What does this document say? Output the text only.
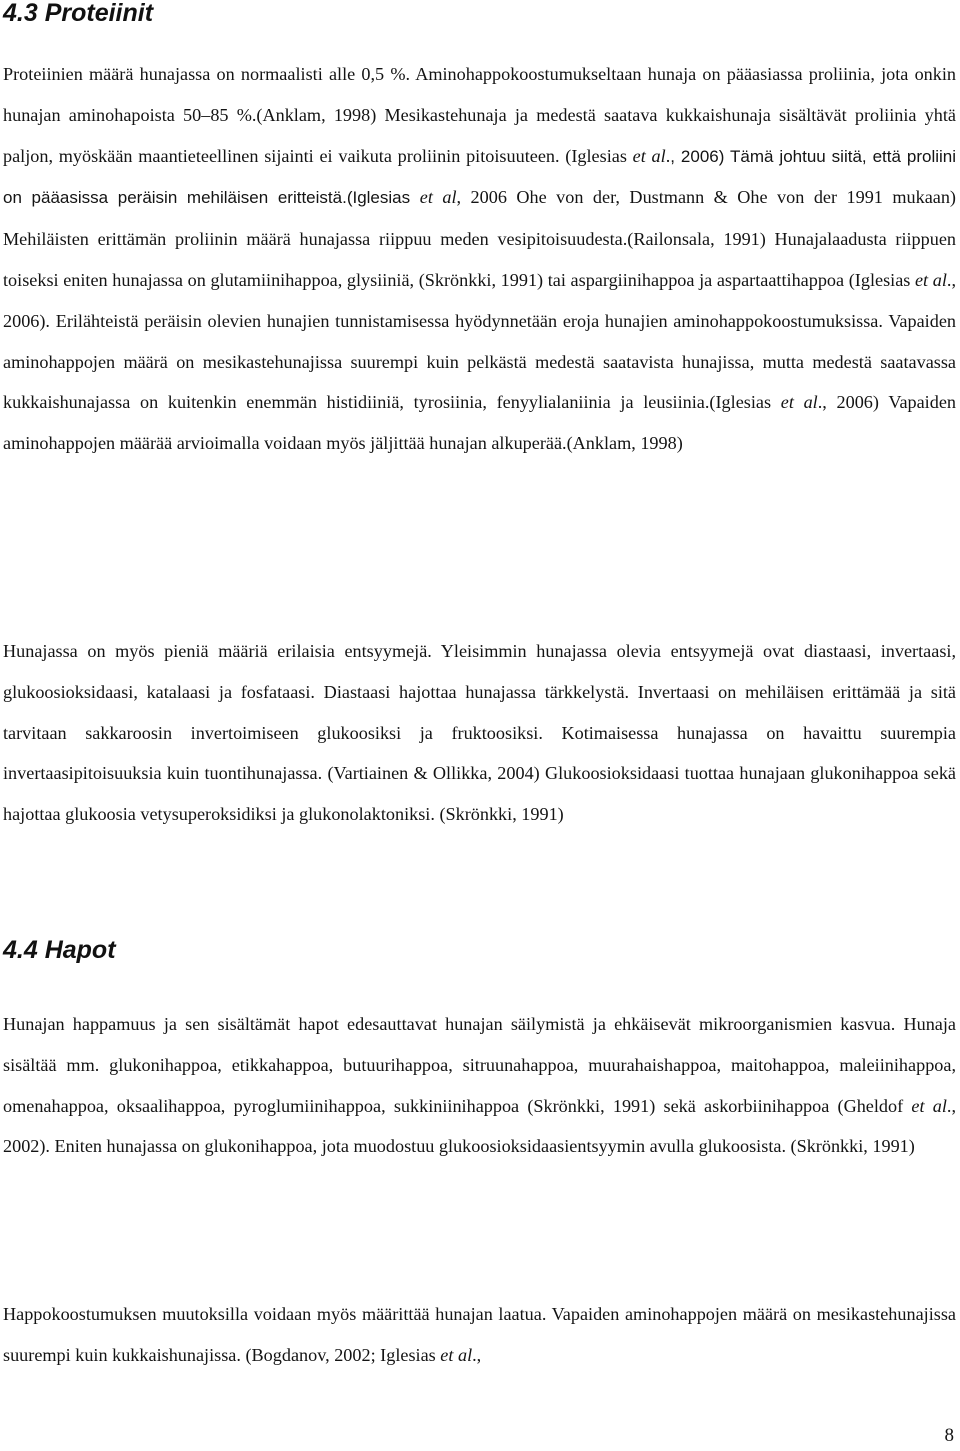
4.3 Proteiinit

Proteiinien määrä hunajassa on normaalisti alle 0,5 %. Aminohappokoostumukseltaan hunaja on pääasiassa proliinia, jota onkin hunajan aminohapoista 50–85 %.(Anklam, 1998) Mesikastehunaja ja medestä saatava kukkaishunaja sisältävät proliinia yhtä paljon, myöskään maantieteellinen sijainti ei vaikuta proliinin pitoisuuteen. (Iglesias et al., 2006) Tämä johtuu siitä, että proliini on pääasissa peräisin mehiläisen eritteistä.(Iglesias et al, 2006 Ohe von der, Dustmann & Ohe von der 1991 mukaan) Mehiläisten erittämän proliinin määrä hunajassa riippuu meden vesipitoisuudesta.(Railonsala, 1991) Hunajalaadusta riippuen toiseksi eniten hunajassa on glutamiinihappoa, glysiiniä, (Skrönkki, 1991) tai aspargiinihappoa ja aspartaattihappoa (Iglesias et al., 2006). Erilähteistä peräisin olevien hunajien tunnistamisessa hyödynnetään eroja hunajien aminohappokoostumuksissa. Vapaiden aminohappojen määrä on mesikastehunajissa suurempi kuin pelkästä medestä saatavista hunajissa, mutta medestä saatavassa kukkaishunajassa on kuitenkin enemmän histidiiniä, tyrosiinia, fenyylialaniinia ja leusiinia.(Iglesias et al., 2006) Vapaiden aminohappojen määrää arvioimalla voidaan myös jäljittää hunajan alkuperää.(Anklam, 1998)

Hunajassa on myös pieniä määriä erilaisia entsyymejä. Yleisimmin hunajassa olevia entsyymejä ovat diastaasi, invertaasi, glukoosioksidaasi, katalaasi ja fosfataasi. Diastaasi hajottaa hunajassa tärkkelystä. Invertaasi on mehiläisen erittämää ja sitä tarvitaan sakkaroosin invertoimiseen glukoosiksi ja fruktoosiksi. Kotimaisessa hunajassa on havaittu suurempia invertaasipitoisuuksia kuin tuontihunajassa. (Vartiainen & Ollikka, 2004) Glukoosioksidaasi tuottaa hunajaan glukonihappoa sekä hajottaa glukoosia vetysuperoksidiksi ja glukonolaktoniksi. (Skrönkki, 1991)

4.4 Hapot

Hunajan happamuus ja sen sisältämät hapot edesauttavat hunajan säilymistä ja ehkäisevät mikroorganismien kasvua. Hunaja sisältää mm. glukonihappoa, etikkahappoa, butuurihappoa, sitruunahappoa, muurahaishappoa, maitohappoa, maleiinihappoa, omenahappoa, oksaalihappoa, pyroglumiinihappoa, sukkiniinihappoa (Skrönkki, 1991) sekä askorbiinihappoa (Gheldof et al., 2002). Eniten hunajassa on glukonihappoa, jota muodostuu glukoosioksidaasientsyymin avulla glukoosista. (Skrönkki, 1991)

Happokoostumuksen muutoksilla voidaan myös määrittää hunajan laatua. Vapaiden aminohappojen määrä on mesikastehunajissa suurempi kuin kukkaishunajissa. (Bogdanov, 2002; Iglesias et al.,

8
